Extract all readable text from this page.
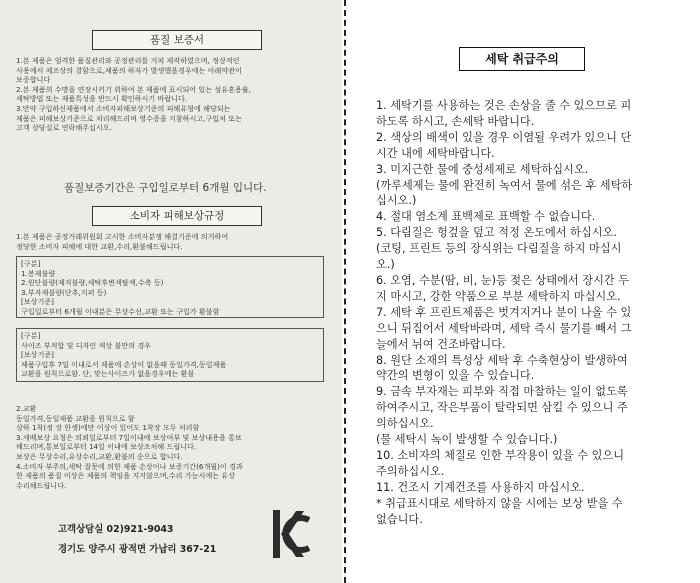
품질 보증서
1.본 제품은 엄격한 품질관리와 공정관리를 거쳐 제작하였으며, 정상적인
사용에서 제조상의 결함으로,제품의 하자가 발생했을경우에는 아래약관이
보증합니다
2.본 제품의 수명을 연장시키기 위하여 본 제품에 표시되어 있는 섬유혼용률,
세탁방법 또는 제품특성을 반드시 확인하시기 바랍니다.
3.만약 구입하신제품에서 소비자피해보상기준의 피해유형에 해당되는
제품은 피해보상기준으로 처리해드리며 영수증을 지참하시고,구입처 또는
고객 상담실로 연락해주십시오.
품질보증기간은 구입일로부터 6개월 입니다.
소비자 피해보상규정
1.본 제품은 공정거래위원회 고시한 소비자분쟁 해결기준에 의거하여
정당한 소비자 피해에 대한 교환,수리,환불해드립니다.
[구분]
1.봉제불량
2.원단불량(제직불량,세탁후변색탈색,수축 등)
3.부자재불량(단추,지퍼 등)
[보상기준]
구입일로부터 6개월 이내분은 무상수선,교환 또는 구입가 환불함
[구분]
사이즈 부적합 및 디자인 색상 불만의 경우
[보상기준]
제품구입후 7일 이내로서 제품에 손상이 없을때 동일가격,동일제품
교환을 원칙으로함. 단, 맞는사이즈가 없을경우에는 환불
2.교환
동일가격,동일제품 교환을 원칙으로 함
상하 1착(정 장 한셋)에만 이상이 있어도 1착장 모두 처리함
3.세배보상 요청은 의뢰일로부터 7일이내에 보상여부 및 보상내용을 통보
해드리며,통보일로부터 14일 이내에 보상조처해 드립니다.
보상은 무상수리,유상수리,교환,환불의 순으로 합니다.
4.소비자 부주의,세탁 잘못에 의한 제품 손상이나 보증기간(6개월)이 경과
한 제품의 품질 이상은 제품의 책임을 지지않으며,수리 가능시에는 유상
수리해드립니다.
고객상담실 02)921-9043
경기도 양주시 광적면 가납리 367-21
세탁 취급주의
1. 세탁기를 사용하는 것은 손상을 줄 수 있으므로 피
하도록 하시고, 손세탁 바랍니다.
2. 색상의 배색이 있을 경우 이염될 우려가 있으니 단
시간 내에 세탁바랍니다.
3. 미지근한 물에 중성세제로 세탁하십시오.
(까루세제는 물에 완전히 녹여서 물에 섞은 후 세탁하
십시오.)
4. 절대 염소계 표백제로 표백할 수 없습니다.
5. 다림질은 헝겊을 덮고 적정 온도에서 하십시오.
(코팅, 프린트 등의 장식위는 다림질을 하지 마십시
오.)
6. 오염, 수분(땀, 비, 눈)등 젖은 상태에서 장시간 두
지 마시고, 강한 약품으로 부분 세탁하지 마십시오.
7. 세탁 후 프린트제품은 벗겨지거나 분이 나올 수 있
으니 뒤집어서 세탁바라며, 세탁 즉시 물기를 빼서 그
늘에서 뉘여 건조바랍니다.
8. 원단 소재의 특성상 세탁 후 수축현상이 발생하여
약간의 변형이 있을 수 있습니다.
9. 금속 부자재는 피부와 직접 마찰하는 일이 없도록
하여주시고, 작은부품이 탈락되면 삼킬 수 있으니 주
의하십시오.
(물 세탁시 녹이 발생할 수 있습니다.)
10. 소비자의 체질로 인한 부작용이 있을 수 있으니
주의하십시오.
11. 건조시 기계건조를 사용하지 마십시오.
* 취급표시대로 세탁하지 않을 시에는 보상 받을 수
없습니다.
